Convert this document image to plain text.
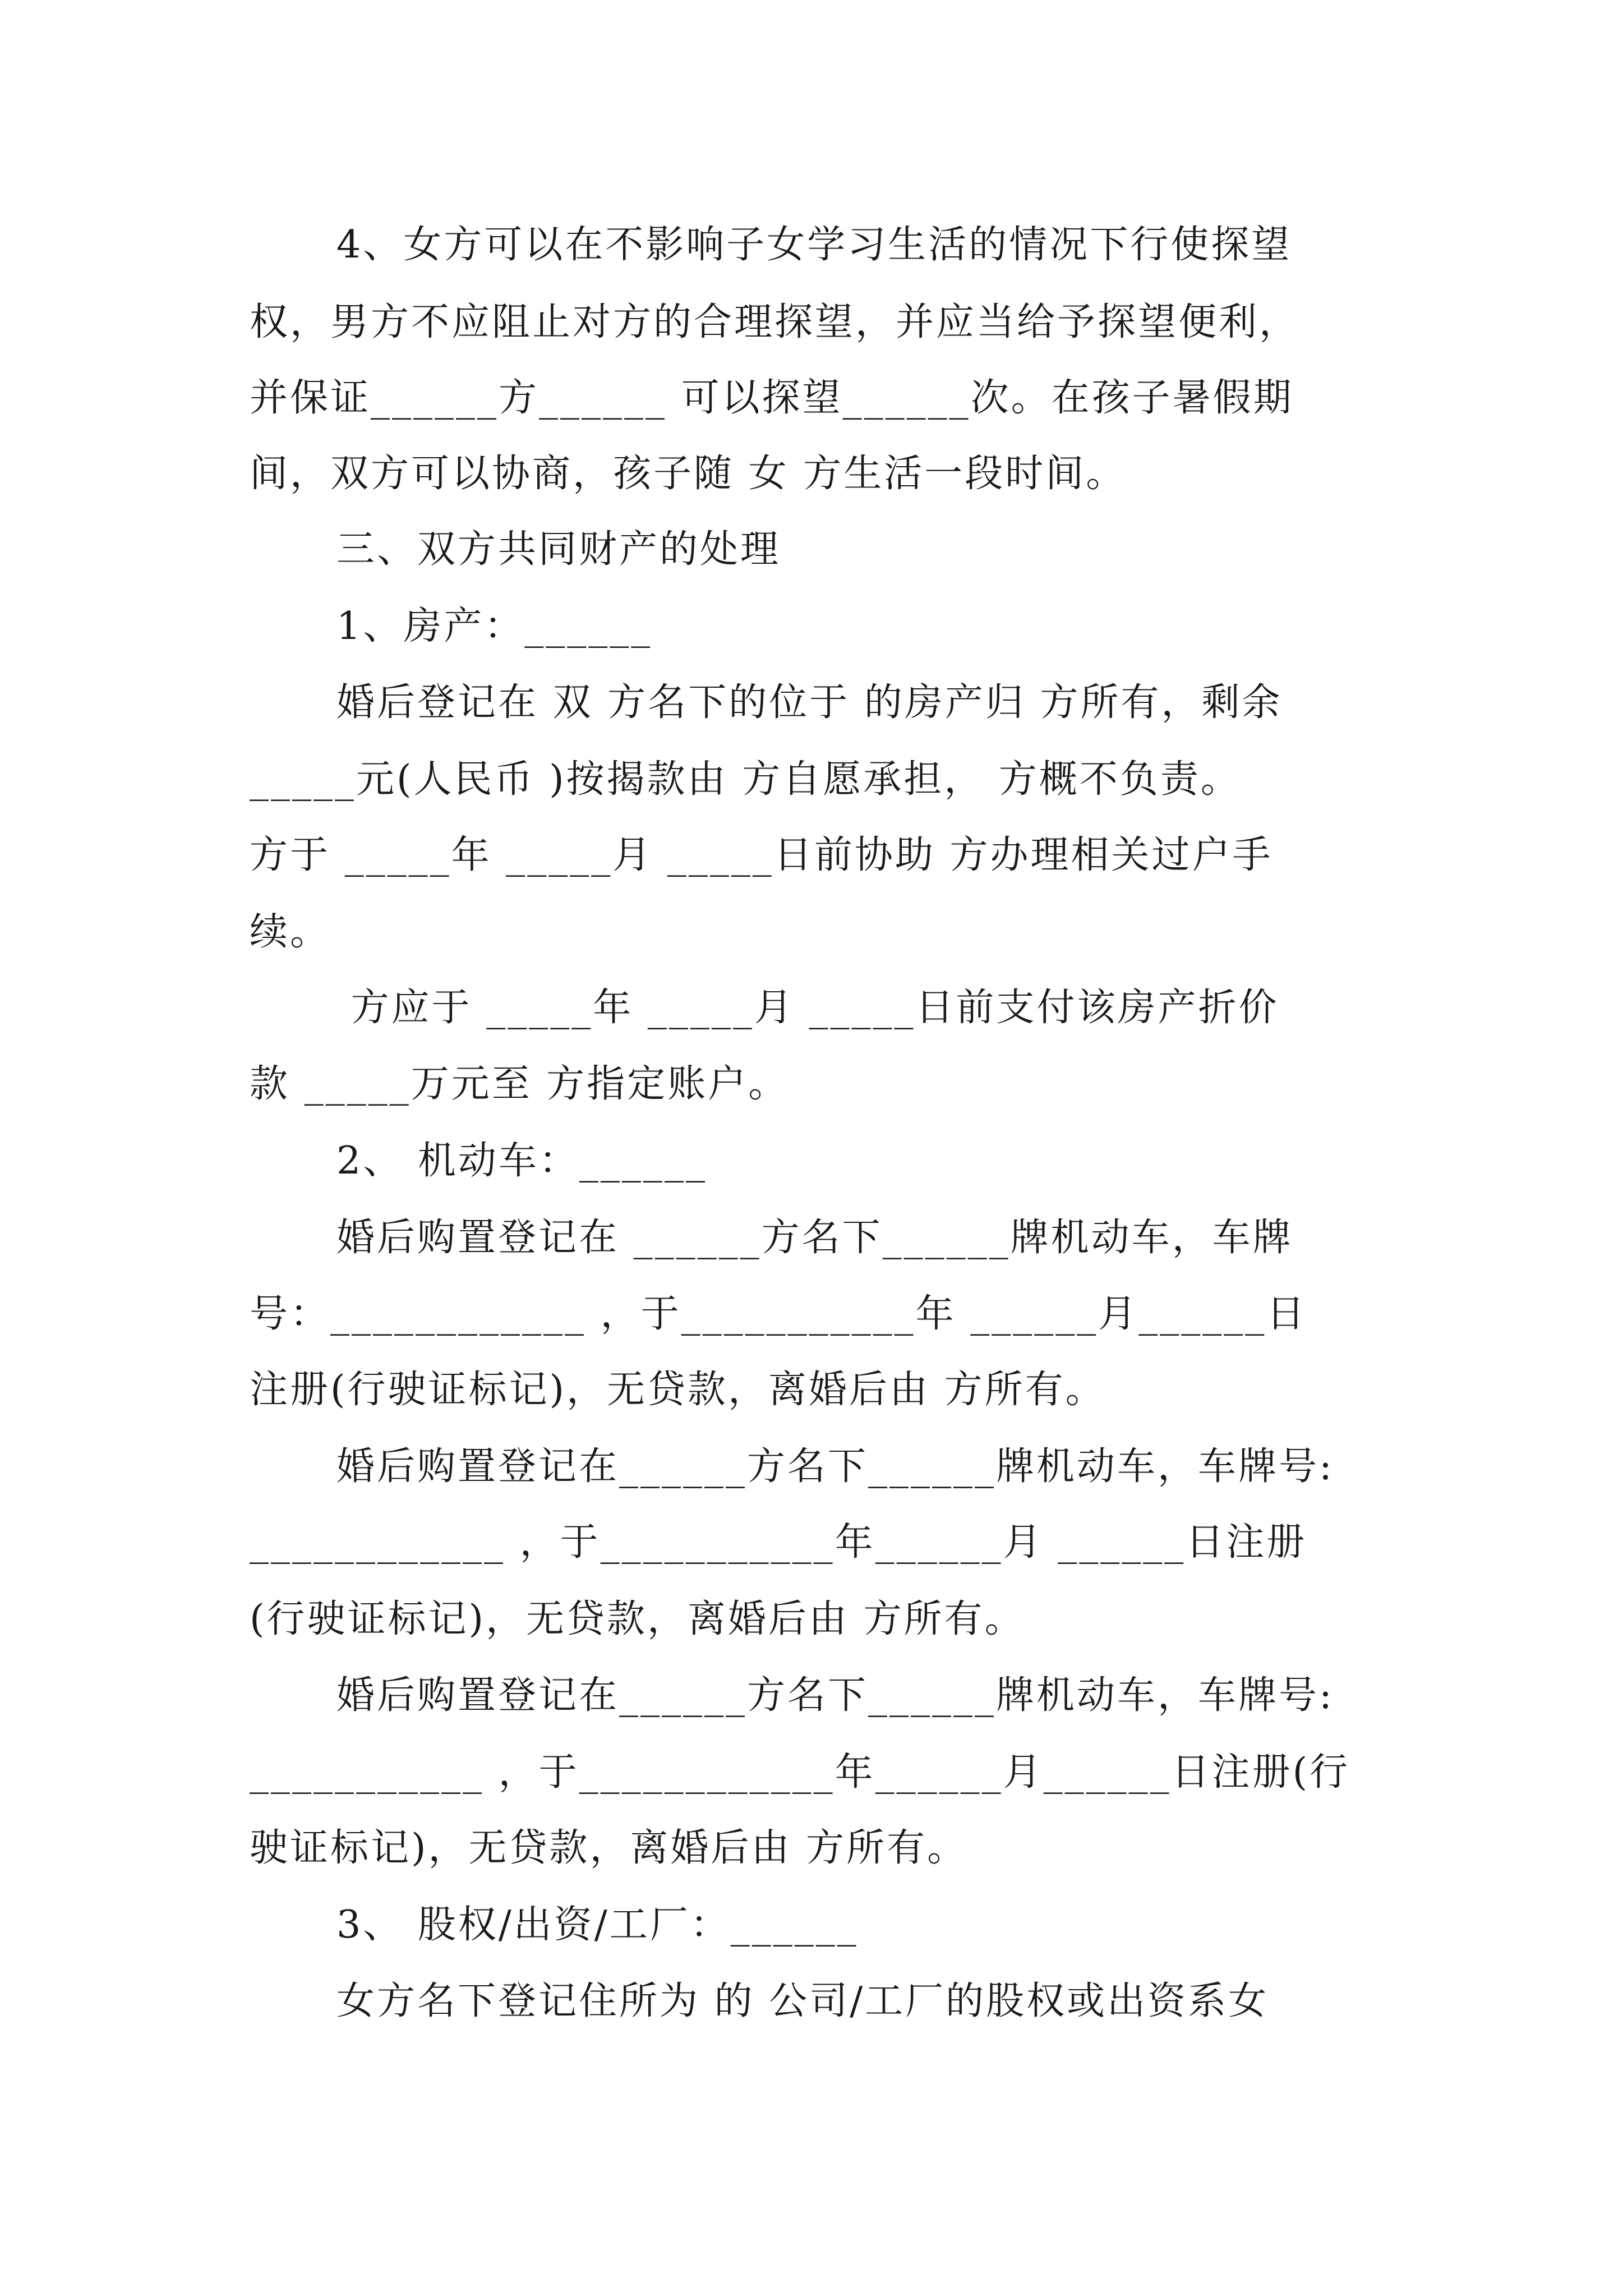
4、女方可以在不影响子女学习生活的情况下行使探望
权，男方不应阻止对方的合理探望，并应当给予探望便利，
并保证______方______ 可以探望______次。在孩子暑假期
间，双方可以协商，孩子随 女 方生活一段时间。
三、双方共同财产的处理
1、房产：______
婚后登记在 双 方名下的位于 的房产归 方所有，剩余
_____元(人民币 )按揭款由 方自愿承担， 方概不负责。
方于 _____年 _____月 _____日前协助 方办理相关过户手
续。
方应于 _____年 _____月 _____日前支付该房产折价
款 _____万元至 方指定账户。
2、 机动车：______
婚后购置登记在 ______方名下______牌机动车，车牌
号：____________ ，于___________年 ______月______日
注册(行驶证标记)，无贷款，离婚后由 方所有。
婚后购置登记在______方名下______牌机动车，车牌号:
____________ ，于___________年______月 ______日注册
(行驶证标记)，无贷款，离婚后由 方所有。
婚后购置登记在______方名下______牌机动车，车牌号:
___________ ，于____________年______月______日注册(行
驶证标记)，无贷款，离婚后由 方所有。
3、 股权/出资/工厂：______
女方名下登记住所为 的 公司/工厂的股权或出资系女
